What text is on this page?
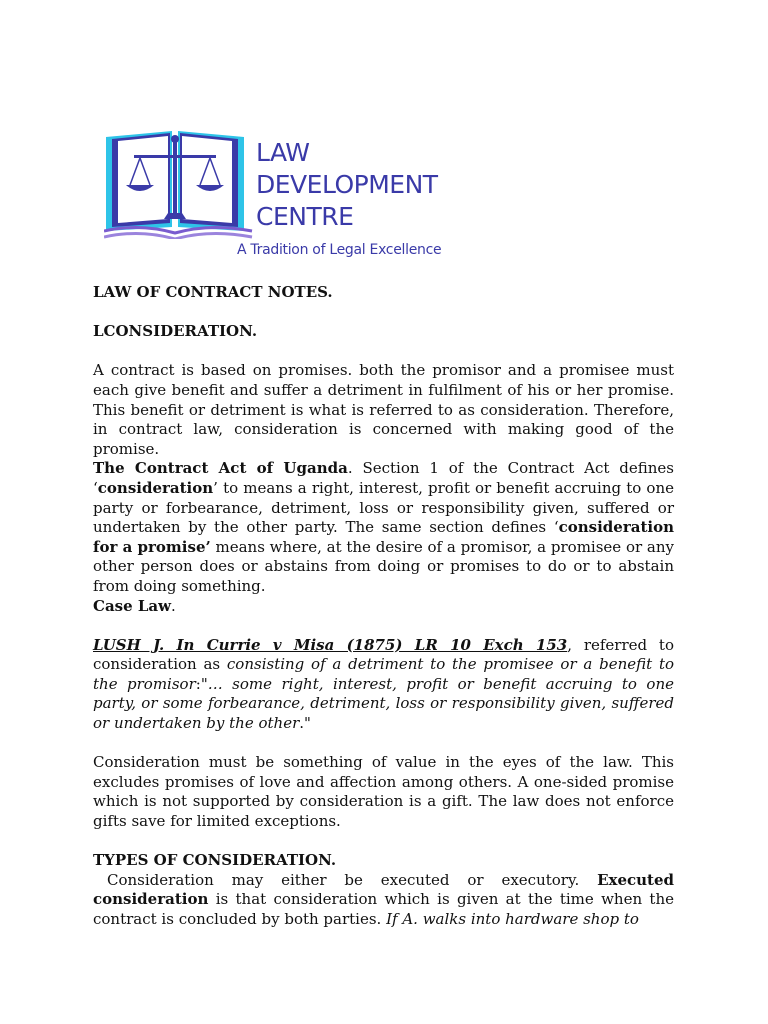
LAW
DEVELOPMENT
CENTRE
A Tradition of Legal Excellence

LAW OF CONTRACT NOTES.

LCONSIDERATION.

A contract is based on promises. both the promisor and a promisee must each give benefit and suffer a detriment in fulfilment of his or her promise. This benefit or detriment is what is referred to as consideration. Therefore, in contract law, consideration is concerned with making good of the promise.

The Contract Act of Uganda. Section 1 of the Contract Act defines ‘consideration’ to means a right, interest, profit or benefit accruing to one party or forbearance, detriment, loss or responsibility given, suffered or undertaken by the other party. The same section defines ‘consideration for a promise’ means where, at the desire of a promisor, a promisee or any other person does or abstains from doing or promises to do or to abstain from doing something.

Case Law.

LUSH J. In Currie v Misa (1875) LR 10 Exch 153, referred to consideration as consisting of a detriment to the promisee or a benefit to the promisor:"… some right, interest, profit or benefit accruing to one party, or some forbearance, detriment, loss or responsibility given, suffered or undertaken by the other."

Consideration must be something of value in the eyes of the law. This excludes promises of love and affection among others. A one-sided promise which is not supported by consideration is a gift. The law does not enforce gifts save for limited exceptions.

TYPES OF CONSIDERATION.

Consideration may either be executed or executory. Executed consideration is that consideration which is given at the time when the contract is concluded by both parties. If A. walks into hardware shop to
